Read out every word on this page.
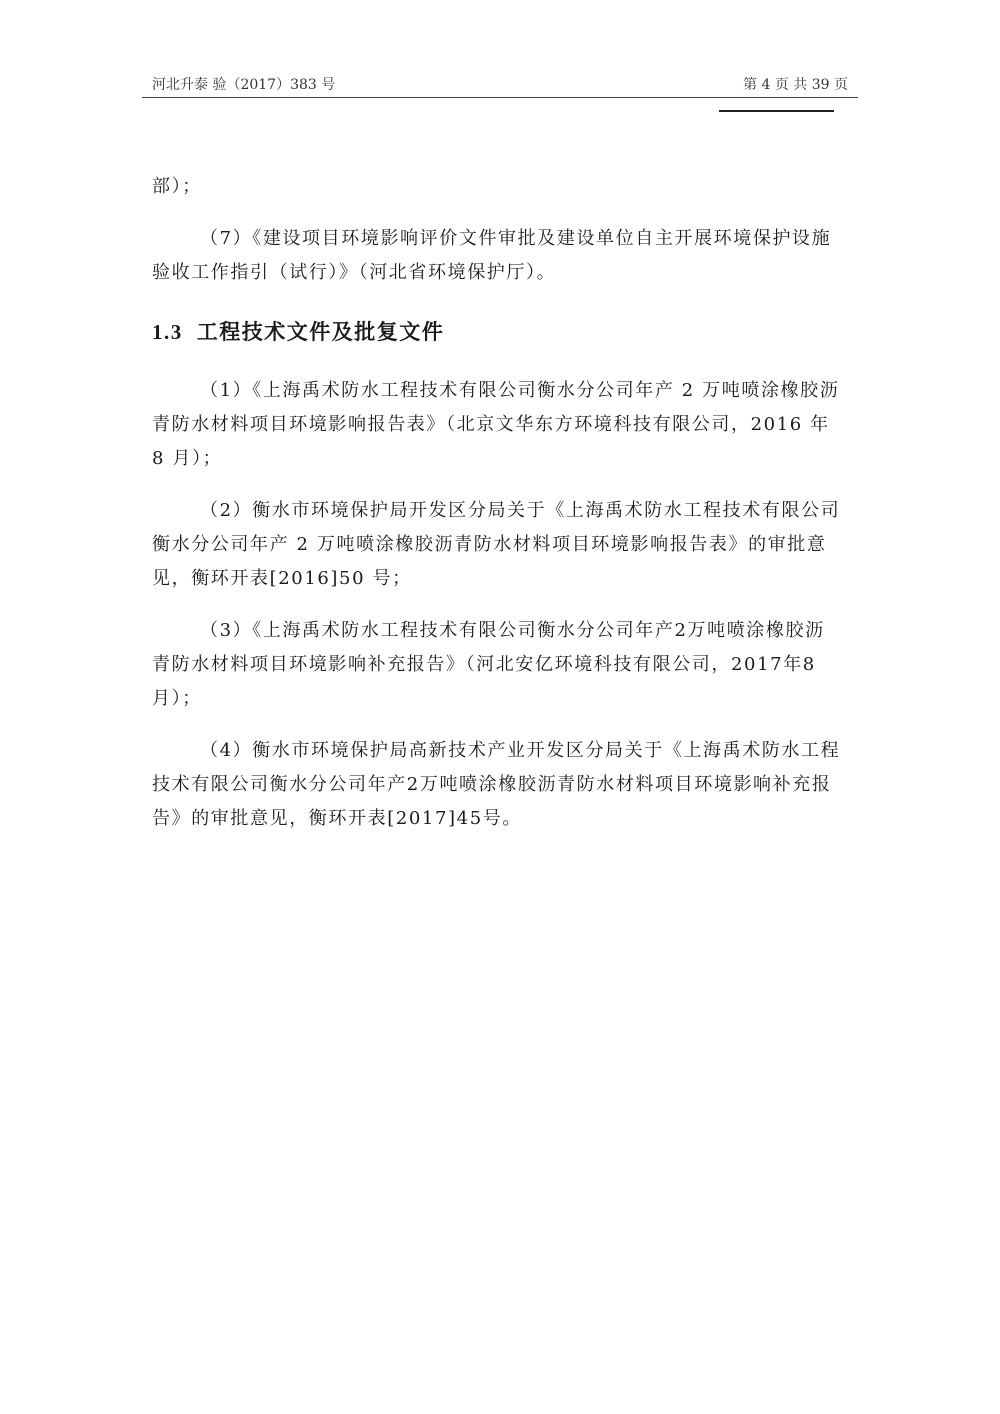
河北升泰 验（2017）383 号	第 4 页 共 39 页

部）；

（7）《建设项目环境影响评价文件审批及建设单位自主开展环境保护设施

验收工作指引（试行）》（河北省环境保护厅）。

1.3 工程技术文件及批复文件

（1）《上海禹术防水工程技术有限公司衡水分公司年产 2 万吨喷涂橡胶沥

青防水材料项目环境影响报告表》（北京文华东方环境科技有限公司，2016 年

8 月）；

（2）衡水市环境保护局开发区分局关于《上海禹术防水工程技术有限公司

衡水分公司年产 2 万吨喷涂橡胶沥青防水材料项目环境影响报告表》的审批意

见，衡环开表[2016]50 号；

（3）《上海禹术防水工程技术有限公司衡水分公司年产2万吨喷涂橡胶沥

青防水材料项目环境影响补充报告》（河北安亿环境科技有限公司，2017年8

月）；

（4）衡水市环境保护局高新技术产业开发区分局关于《上海禹术防水工程

技术有限公司衡水分公司年产2万吨喷涂橡胶沥青防水材料项目环境影响补充报

告》的审批意见，衡环开表[2017]45号。
